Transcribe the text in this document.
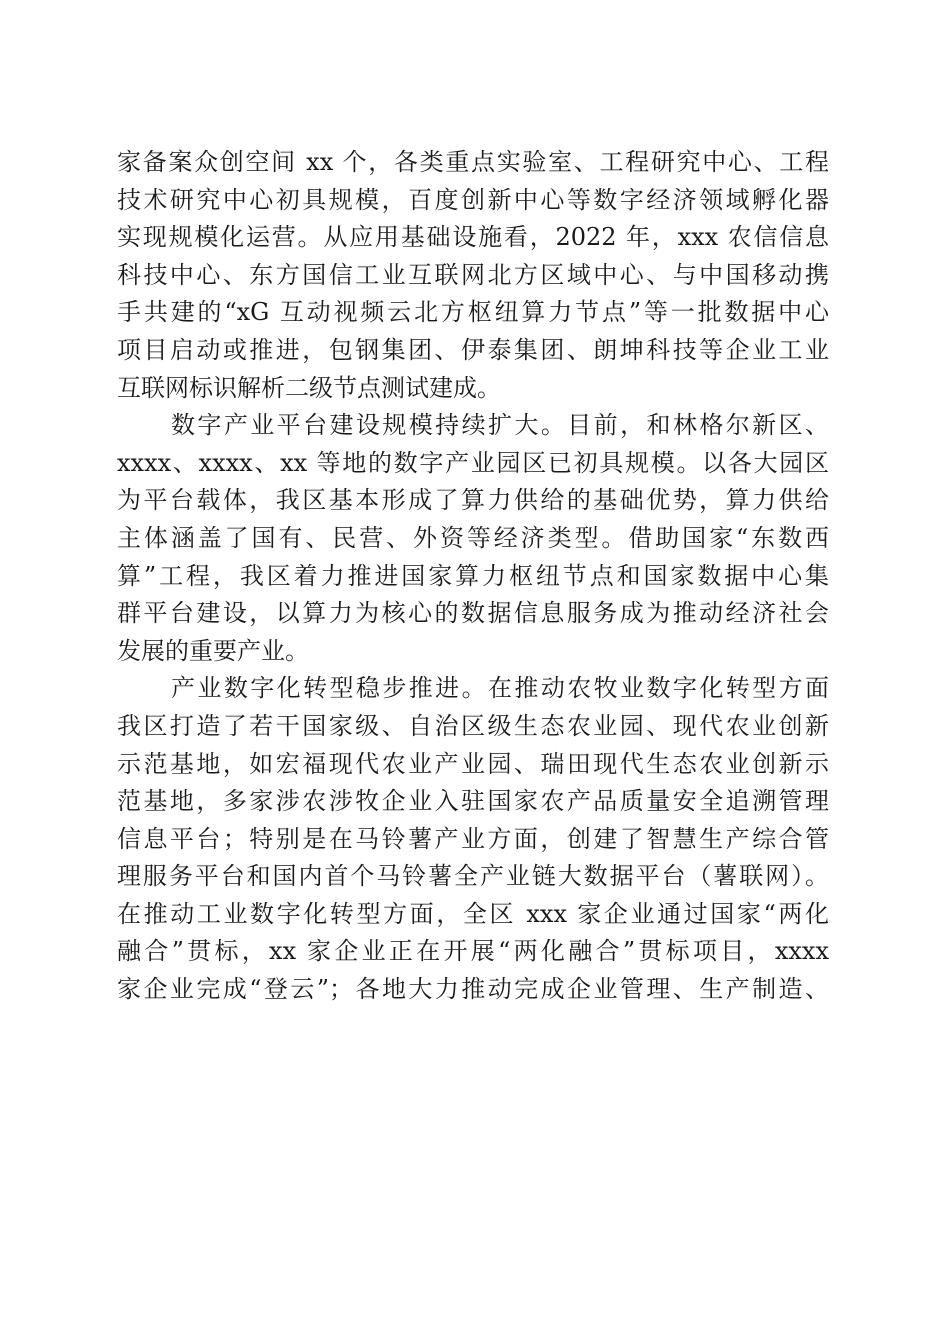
家备案众创空间 xx 个，各类重点实验室、工程研究中心、工程
技术研究中心初具规模，百度创新中心等数字经济领域孵化器
实现规模化运营。从应用基础设施看，2022 年，xxx 农信信息
科技中心、东方国信工业互联网北方区域中心、与中国移动携
手共建的“xG 互动视频云北方枢纽算力节点”等一批数据中心
项目启动或推进，包钢集团、伊泰集团、朗坤科技等企业工业
互联网标识解析二级节点测试建成。
数字产业平台建设规模持续扩大。目前，和林格尔新区、
xxxx、xxxx、xx 等地的数字产业园区已初具规模。以各大园区
为平台载体，我区基本形成了算力供给的基础优势，算力供给
主体涵盖了国有、民营、外资等经济类型。借助国家“东数西
算”工程，我区着力推进国家算力枢纽节点和国家数据中心集
群平台建设，以算力为核心的数据信息服务成为推动经济社会
发展的重要产业。
产业数字化转型稳步推进。在推动农牧业数字化转型方面
我区打造了若干国家级、自治区级生态农业园、现代农业创新
示范基地，如宏福现代农业产业园、瑞田现代生态农业创新示
范基地，多家涉农涉牧企业入驻国家农产品质量安全追溯管理
信息平台；特别是在马铃薯产业方面，创建了智慧生产综合管
理服务平台和国内首个马铃薯全产业链大数据平台（薯联网）。
在推动工业数字化转型方面，全区 xxx 家企业通过国家“两化
融合”贯标，xx 家企业正在开展“两化融合”贯标项目，xxxx
家企业完成“登云”；各地大力推动完成企业管理、生产制造、
